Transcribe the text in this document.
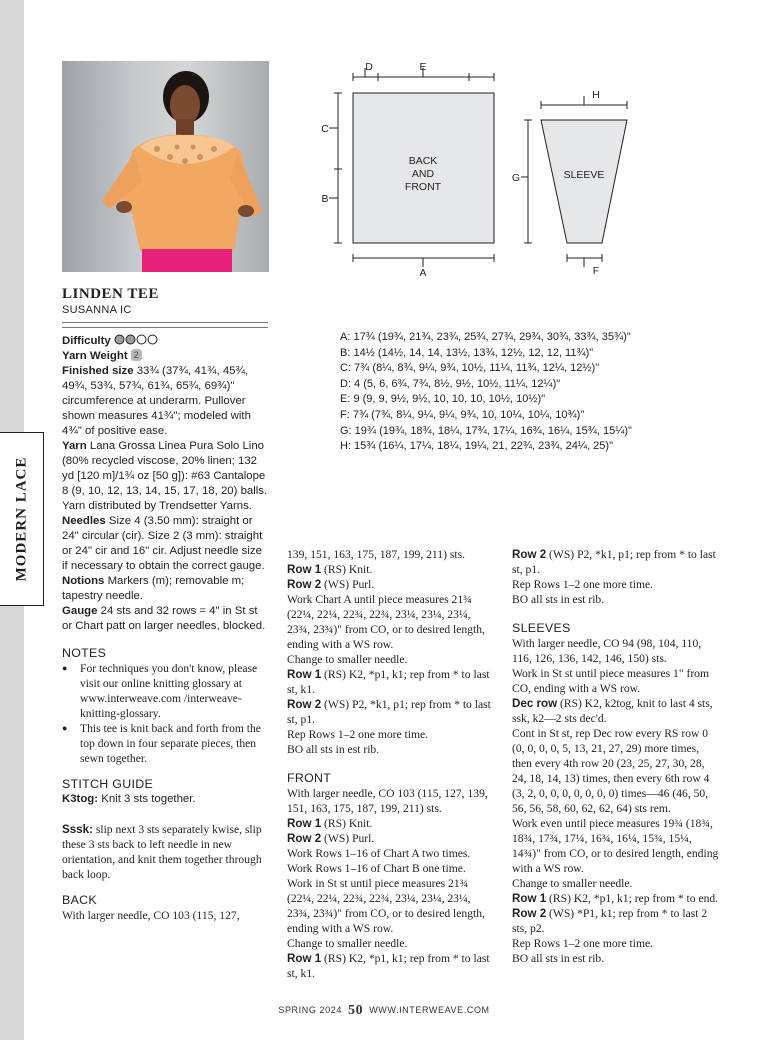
MODERN LACE
D	E
C
B
A
H
G
F
BACK
AND
FRONT
SLEEVE
LINDEN TEE
SUSANNA IC

Difficulty

Yarn Weight 2

Finished size 33¾ (37¾, 41¾, 45¾, 49¾, 53¾, 57¾, 61¾, 65¾, 69¾)" circumference at underarm. Pullover shown measures 41¾"; modeled with 4¾" of positive ease.

Yarn Lana Grossa Linea Pura Solo Lino (80% recycled viscose, 20% linen; 132 yd [120 m]/1¾ oz [50 g]): #63 Cantalope 8 (9, 10, 12, 13, 14, 15, 17, 18, 20) balls. Yarn distributed by Trendsetter Yarns.

Needles Size 4 (3.50 mm): straight or 24" circular (cir). Size 2 (3 mm): straight or 24" cir and 16" cir. Adjust needle size if necessary to obtain the correct gauge.

Notions Markers (m); removable m; tapestry needle.

Gauge 24 sts and 32 rows = 4" in St st or Chart patt on larger needles, blocked.

NOTES

● For techniques you don't know, please visit our online knitting glossary at www.interweave.com /interweave-knitting-glossary.
● This tee is knit back and forth from the top down in four separate pieces, then sewn together.

STITCH GUIDE

K3tog: Knit 3 sts together.

Sssk: slip next 3 sts separately kwise, slip these 3 sts back to left needle in new orientation, and knit them together through back loop.

BACK

With larger needle, CO 103 (115, 127,

A: 17¾ (19¾, 21¾, 23¾, 25¾, 27¾, 29¾, 30¾, 33¾, 35¾)"

B: 14½ (14½, 14, 14, 13½, 13¾, 12½, 12, 12, 11¾)"

C: 7¾ (8¼, 8¾, 9¼, 9¾, 10½, 11¼, 11¾, 12¼, 12½)"

D: 4 (5, 6, 6¾, 7¾, 8½, 9½, 10½, 11¼, 12¼)"

E: 9 (9, 9, 9½, 9½, 10, 10, 10, 10½, 10½)"

F: 7¾ (7¾, 8¼, 9¼, 9¼, 9¾, 10, 10¼, 10¼, 10¾)"

G: 19¾ (19¾, 18¾, 18¼, 17¾, 17¼, 16¾, 16¼, 15¾, 15¼)"

H: 15¾ (16¼, 17¼, 18¼, 19¼, 21, 22¾, 23¾, 24¼, 25)"

139, 151, 163, 175, 187, 199, 211) sts.

Row 1 (RS) Knit.

Row 2 (WS) Purl.

Work Chart A until piece measures 21¾ (22¼, 22¼, 22¾, 22¾, 23¼, 23¼, 23¼, 23¾, 23¾)" from CO, or to desired length, ending with a WS row.

Change to smaller needle.

Row 1 (RS) K2, *p1, k1; rep from * to last st, k1.

Row 2 (WS) P2, *k1, p1; rep from * to last st, p1.

Rep Rows 1–2 one more time.

BO all sts in est rib.

FRONT

With larger needle, CO 103 (115, 127, 139, 151, 163, 175, 187, 199, 211) sts.

Row 1 (RS) Knit.

Row 2 (WS) Purl.

Work Rows 1–16 of Chart A two times.

Work Rows 1–16 of Chart B one time.

Work in St st until piece measures 21¾ (22¼, 22¼, 22¾, 22¾, 23¼, 23¼, 23¼, 23¾, 23¾)" from CO, or to desired length, ending with a WS row.

Change to smaller needle.

Row 1 (RS) K2, *p1, k1; rep from * to last st, k1.

Row 2 (WS) P2, *k1, p1; rep from * to last st, p1.

Rep Rows 1–2 one more time.

BO all sts in est rib.

SLEEVES

With larger needle, CO 94 (98, 104, 110, 116, 126, 136, 142, 146, 150) sts.

Work in St st until piece measures 1" from CO, ending with a WS row.

Dec row (RS) K2, k2tog, knit to last 4 sts, ssk, k2—2 sts dec'd.

Cont in St st, rep Dec row every RS row 0 (0, 0, 0, 0, 5, 13, 21, 27, 29) more times, then every 4th row 20 (23, 25, 27, 30, 28, 24, 18, 14, 13) times, then every 6th row 4 (3, 2, 0, 0, 0, 0, 0, 0, 0) times—46 (46, 50, 56, 56, 58, 60, 62, 62, 64) sts rem.

Work even until piece measures 19¾ (18¾, 18¾, 17¾, 17¼, 16¾, 16¼, 15¾, 15¼, 14¾)" from CO, or to desired length, ending with a WS row.

Change to smaller needle.

Row 1 (RS) K2, *p1, k1; rep from * to end.

Row 2 (WS) *P1, k1; rep from * to last 2 sts, p2.

Rep Rows 1–2 one more time.

BO all sts in est rib.

SPRING 2024 50 WWW.INTERWEAVE.COM
